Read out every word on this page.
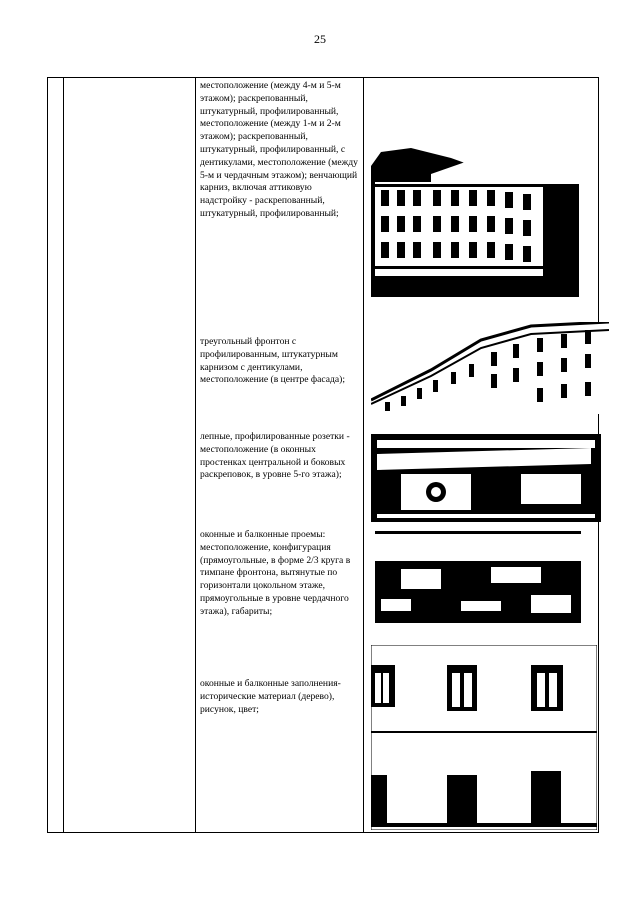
25
местоположение (между 4-м и 5-м этажом); раскрепованный, штукатурный, профилированный, местоположение (между 1-м и 2-м этажом); раскрепованный, штукатурный, профилированный, с дентикулами, местоположение (между 5-м и чердачным этажом); венчающий карниз, включая аттиковую надстройку - раскрепованный, штукатурный, профилированный;
треугольный фронтон с профилированным, штукатурным карнизом с дентикулами, местоположение (в центре фасада);
лепные, профилированные розетки - местоположение (в оконных простенках центральной и боковых раскреповок, в уровне 5-го этажа);
оконные и балконные проемы: местоположение, конфигурация (прямоугольные, в форме 2/3 круга в тимпане фронтона, вытянутые по горизонтали цокольном этаже, прямоугольные в уровне чердачного этажа), габариты;
оконные и балконные заполнения- исторические материал (дерево), рисунок, цвет;
